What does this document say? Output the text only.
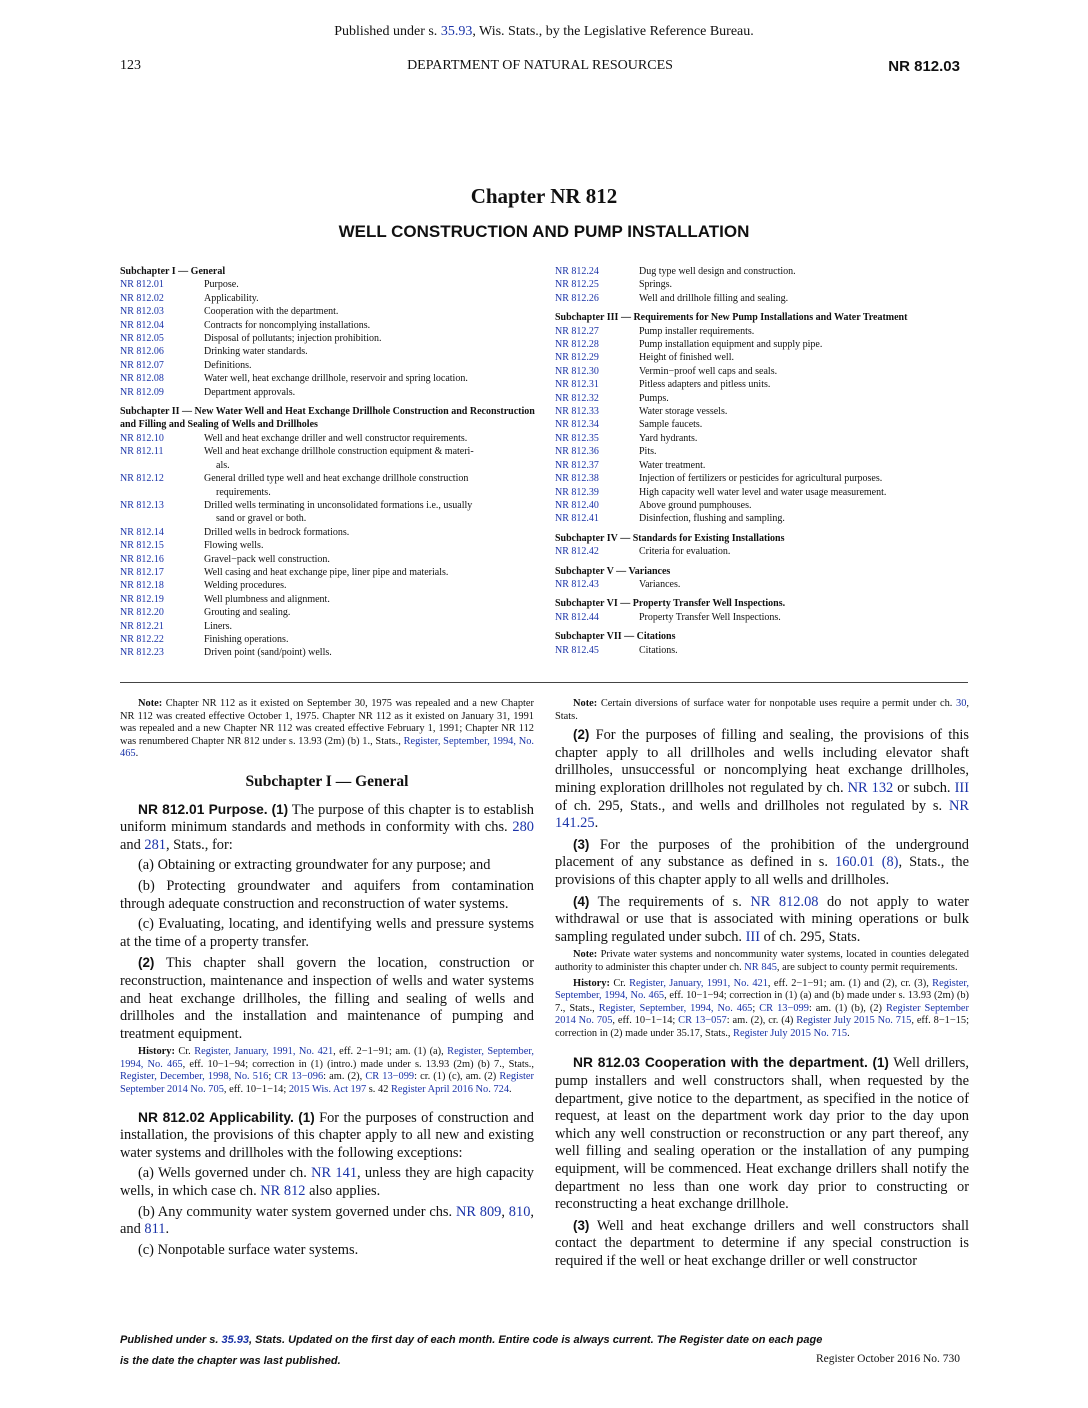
Published under s. 35.93, Wis. Stats., by the Legislative Reference Bureau.
123	DEPARTMENT OF NATURAL RESOURCES	NR 812.03
Chapter NR 812
WELL CONSTRUCTION AND PUMP INSTALLATION
Subchapter I — General
NR 812.01	Purpose.
NR 812.02	Applicability.
NR 812.03	Cooperation with the department.
NR 812.04	Contracts for noncomplying installations.
NR 812.05	Disposal of pollutants; injection prohibition.
NR 812.06	Drinking water standards.
NR 812.07	Definitions.
NR 812.08	Water well, heat exchange drillhole, reservoir and spring location.
NR 812.09	Department approvals.
Subchapter II — New Water Well and Heat Exchange Drillhole Construction and Reconstruction and Filling and Sealing of Wells and Drillholes
NR 812.10	Well and heat exchange driller and well constructor requirements.
NR 812.11	Well and heat exchange drillhole construction equipment & materi-
als.
NR 812.12	General drilled type well and heat exchange drillhole construction
requirements.
NR 812.13	Drilled wells terminating in unconsolidated formations i.e., usually
sand or gravel or both.
NR 812.14	Drilled wells in bedrock formations.
NR 812.15	Flowing wells.
NR 812.16	Gravel−pack well construction.
NR 812.17	Well casing and heat exchange pipe, liner pipe and materials.
NR 812.18	Welding procedures.
NR 812.19	Well plumbness and alignment.
NR 812.20	Grouting and sealing.
NR 812.21	Liners.
NR 812.22	Finishing operations.
NR 812.23	Driven point (sand/point) wells.
NR 812.24	Dug type well design and construction.
NR 812.25	Springs.
NR 812.26	Well and drillhole filling and sealing.
Subchapter III — Requirements for New Pump Installations and Water Treatment
NR 812.27	Pump installer requirements.
NR 812.28	Pump installation equipment and supply pipe.
NR 812.29	Height of finished well.
NR 812.30	Vermin−proof well caps and seals.
NR 812.31	Pitless adapters and pitless units.
NR 812.32	Pumps.
NR 812.33	Water storage vessels.
NR 812.34	Sample faucets.
NR 812.35	Yard hydrants.
NR 812.36	Pits.
NR 812.37	Water treatment.
NR 812.38	Injection of fertilizers or pesticides for agricultural purposes.
NR 812.39	High capacity well water level and water usage measurement.
NR 812.40	Above ground pumphouses.
NR 812.41	Disinfection, flushing and sampling.
Subchapter IV — Standards for Existing Installations
NR 812.42	Criteria for evaluation.
Subchapter V — Variances
NR 812.43	Variances.
Subchapter VI — Property Transfer Well Inspections.
NR 812.44	Property Transfer Well Inspections.
Subchapter VII — Citations
NR 812.45	Citations.

Note: Chapter NR 112 as it existed on September 30, 1975 was repealed and a new Chapter NR 112 was created effective October 1, 1975. Chapter NR 112 as it existed on January 31, 1991 was repealed and a new Chapter NR 112 was created effective February 1, 1991; Chapter NR 112 was renumbered Chapter NR 812 under s. 13.93 (2m) (b) 1., Stats., Register, September, 1994, No. 465.

Subchapter I — General

NR 812.01 Purpose. (1) The purpose of this chapter is to establish uniform minimum standards and methods in conformity with chs. 280 and 281, Stats., for:

(a) Obtaining or extracting groundwater for any purpose; and

(b) Protecting groundwater and aquifers from contamination through adequate construction and reconstruction of water systems.

(c) Evaluating, locating, and identifying wells and pressure systems at the time of a property transfer.

(2) This chapter shall govern the location, construction or reconstruction, maintenance and inspection of wells and water systems and heat exchange drillholes, the filling and sealing of wells and drillholes and the installation and maintenance of pumping and treatment equipment.

History: Cr. Register, January, 1991, No. 421, eff. 2−1−91; am. (1) (a), Register, September, 1994, No. 465, eff. 10−1−94; correction in (1) (intro.) made under s. 13.93 (2m) (b) 7., Stats., Register, December, 1998, No. 516; CR 13−096: am. (2), CR 13−099: cr. (1) (c), am. (2) Register September 2014 No. 705, eff. 10−1−14; 2015 Wis. Act 197 s. 42 Register April 2016 No. 724.

NR 812.02 Applicability. (1) For the purposes of construction and installation, the provisions of this chapter apply to all new and existing water systems and drillholes with the following exceptions:

(a) Wells governed under ch. NR 141, unless they are high capacity wells, in which case ch. NR 812 also applies.

(b) Any community water system governed under chs. NR 809, 810, and 811.

(c) Nonpotable surface water systems.

Note: Certain diversions of surface water for nonpotable uses require a permit under ch. 30, Stats.

(2) For the purposes of filling and sealing, the provisions of this chapter apply to all drillholes and wells including elevator shaft drillholes, unsuccessful or noncomplying heat exchange drillholes, mining exploration drillholes not regulated by ch. NR 132 or subch. III of ch. 295, Stats., and wells and drillholes not regulated by s. NR 141.25.

(3) For the purposes of the prohibition of the underground placement of any substance as defined in s. 160.01 (8), Stats., the provisions of this chapter apply to all wells and drillholes.

(4) The requirements of s. NR 812.08 do not apply to water withdrawal or use that is associated with mining operations or bulk sampling regulated under subch. III of ch. 295, Stats.

Note: Private water systems and noncommunity water systems, located in counties delegated authority to administer this chapter under ch. NR 845, are subject to county permit requirements.

History: Cr. Register, January, 1991, No. 421, eff. 2−1−91; am. (1) and (2), cr. (3), Register, September, 1994, No. 465, eff. 10−1−94; correction in (1) (a) and (b) made under s. 13.93 (2m) (b) 7., Stats., Register, September, 1994, No. 465; CR 13−099: am. (1) (b), (2) Register September 2014 No. 705, eff. 10−1−14; CR 13−057: am. (2), cr. (4) Register July 2015 No. 715, eff. 8−1−15; correction in (2) made under 35.17, Stats., Register July 2015 No. 715.

NR 812.03 Cooperation with the department. (1) Well drillers, pump installers and well constructors shall, when requested by the department, give notice to the department, as specified in the notice of request, at least on the department work day prior to the day upon which any well construction or reconstruction or any part thereof, any well filling and sealing operation or the installation of any pumping equipment, will be commenced. Heat exchange drillers shall notify the department no less than one work day prior to constructing or reconstructing a heat exchange drillhole.

(3) Well and heat exchange drillers and well constructors shall contact the department to determine if any special construction is required if the well or heat exchange driller or well constructor

Published under s. 35.93, Stats. Updated on the first day of each month. Entire code is always current. The Register date on each page
is the date the chapter was last published.	Register October 2016 No. 730
